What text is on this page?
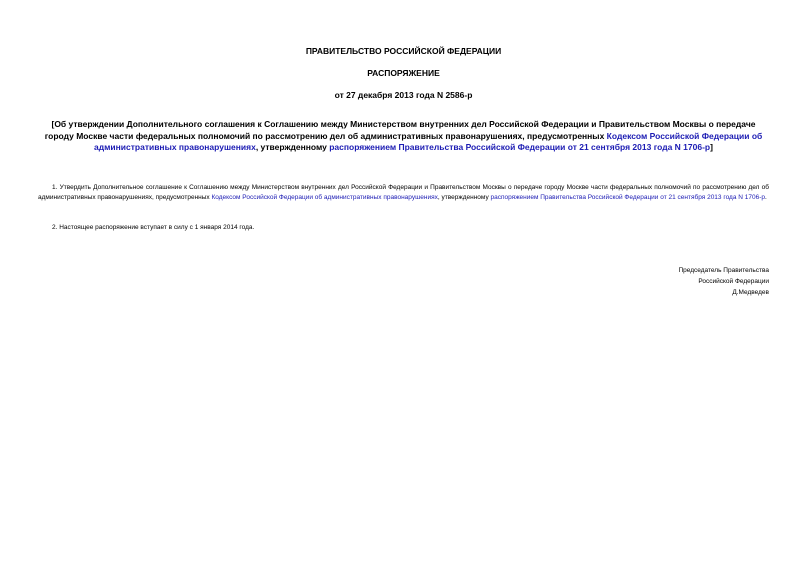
ПРАВИТЕЛЬСТВО РОССИЙСКОЙ ФЕДЕРАЦИИ
РАСПОРЯЖЕНИЕ
от 27 декабря 2013 года N 2586-р
[Об утверждении Дополнительного соглашения к Соглашению между Министерством внутренних дел Российской Федерации и Правительством Москвы о передаче городу Москве части федеральных полномочий по рассмотрению дел об административных правонарушениях, предусмотренных Кодексом Российской Федерации об административных правонарушениях, утвержденному распоряжением Правительства Российской Федерации от 21 сентября 2013 года N 1706-р]
1. Утвердить Дополнительное соглашение к Соглашению между Министерством внутренних дел Российской Федерации и Правительством Москвы о передаче городу Москве части федеральных полномочий по рассмотрению дел об административных правонарушениях, предусмотренных Кодексом Российской Федерации об административных правонарушениях, утвержденному распоряжением Правительства Российской Федерации от 21 сентября 2013 года N 1706-р.
2. Настоящее распоряжение вступает в силу с 1 января 2014 года.
Председатель Правительства
Российской Федерации
Д.Медведев
